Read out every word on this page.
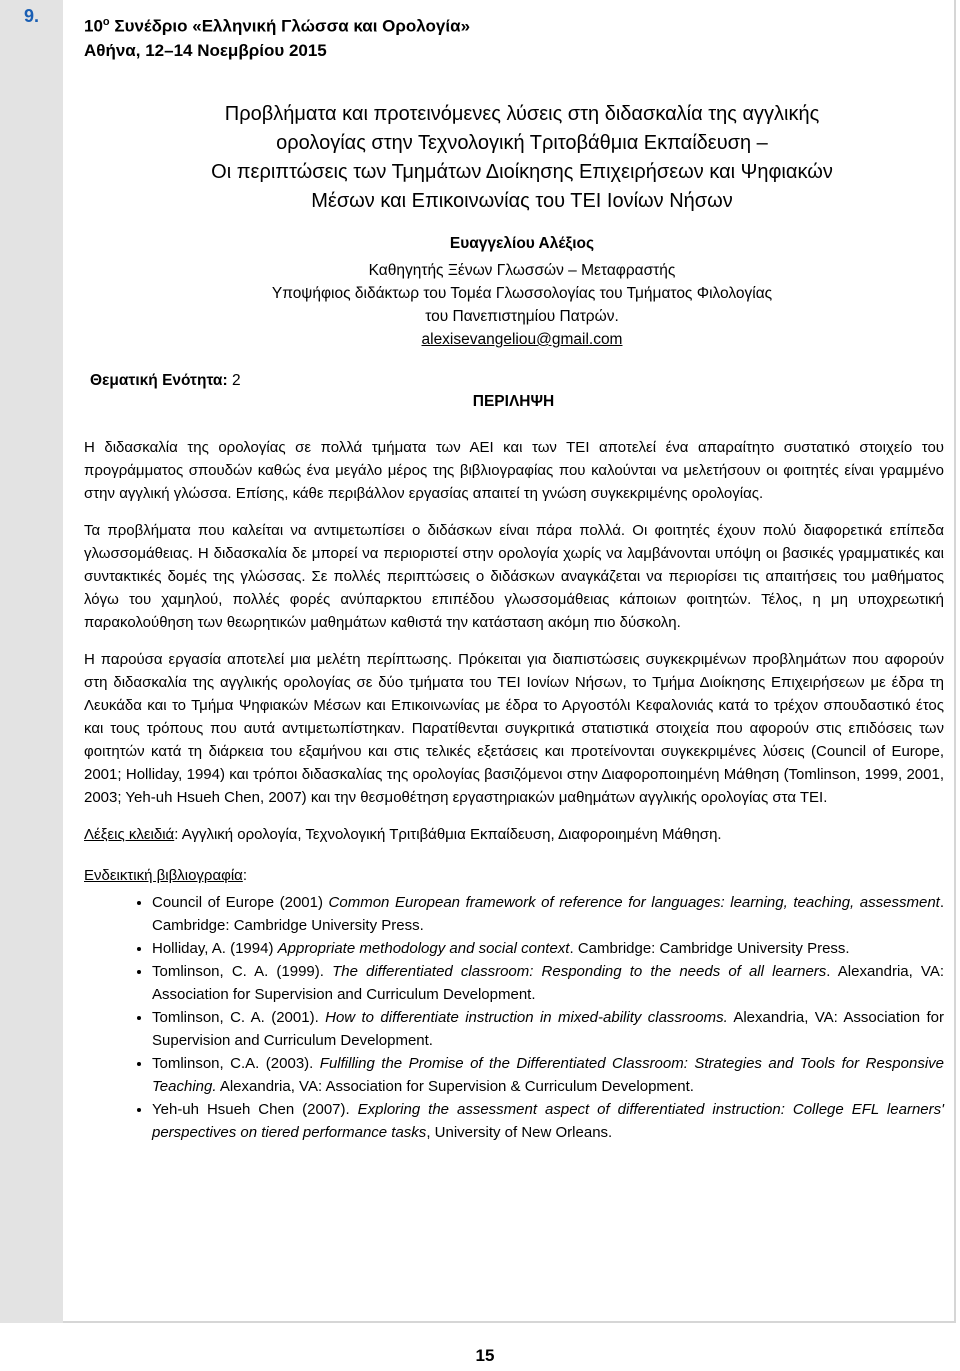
9.
$10^o$ Συνέδριο «Ελληνική Γλώσσα και Ορολογία»
Αθήνα, 12–14 Νοεμβρίου 2015
Προβλήματα και προτεινόμενες λύσεις στη διδασκαλία της αγγλικής
ορολογίας στην Τεχνολογική Τριτοβάθμια Εκπαίδευση –
Οι περιπτώσεις των Τμημάτων Διοίκησης Επιχειρήσεων και Ψηφιακών
Μέσων και Επικοινωνίας του ΤΕΙ Ιονίων Νήσων
Ευαγγελίου Αλέξιος
Καθηγητής Ξένων Γλωσσών – Μεταφραστής
Υποψήφιος διδάκτωρ του Τομέα Γλωσσολογίας του Τμήματος Φιλολογίας
του Πανεπιστημίου Πατρών.
alexisevangeliou@gmail.com
Θεματική Ενότητα: 2
ΠΕΡΙΛΗΨΗ

Η διδασκαλία της ορολογίας σε πολλά τμήματα των ΑΕΙ και των ΤΕΙ αποτελεί ένα απαραίτητο συστατικό στοιχείο του προγράμματος σπουδών καθώς ένα μεγάλο μέρος της βιβλιογραφίας που καλούνται να μελετήσουν οι φοιτητές είναι γραμμένο στην αγγλική γλώσσα. Επίσης, κάθε περιβάλλον εργασίας απαιτεί τη γνώση συγκεκριμένης ορολογίας.

Τα προβλήματα που καλείται να αντιμετωπίσει ο διδάσκων είναι πάρα πολλά. Οι φοιτητές έχουν πολύ διαφορετικά επίπεδα γλωσσομάθειας. Η διδασκαλία δε μπορεί να περιοριστεί στην ορολογία χωρίς να λαμβάνονται υπόψη οι βασικές γραμματικές και συντακτικές δομές της γλώσσας. Σε πολλές περιπτώσεις ο διδάσκων αναγκάζεται να περιορίσει τις απαιτήσεις του μαθήματος λόγω του χαμηλού, πολλές φορές ανύπαρκτου επιπέδου γλωσσομάθειας κάποιων φοιτητών. Τέλος, η μη υποχρεωτική παρακολούθηση των θεωρητικών μαθημάτων καθιστά την κατάσταση ακόμη πιο δύσκολη.

Η παρούσα εργασία αποτελεί μια μελέτη περίπτωσης. Πρόκειται για διαπιστώσεις συγκεκριμένων προβλημάτων που αφορούν στη διδασκαλία της αγγλικής ορολογίας σε δύο τμήματα του ΤΕΙ Ιονίων Νήσων, το Τμήμα Διοίκησης Επιχειρήσεων με έδρα τη Λευκάδα και το Τμήμα Ψηφιακών Μέσων και Επικοινωνίας με έδρα το Αργοστόλι Κεφαλονιάς κατά το τρέχον σπουδαστικό έτος και τους τρόπους που αυτά αντιμετωπίστηκαν. Παρατίθενται συγκριτικά στατιστικά στοιχεία που αφορούν στις επιδόσεις των φοιτητών κατά τη διάρκεια του εξαμήνου και στις τελικές εξετάσεις και προτείνονται συγκεκριμένες λύσεις (Council of Europe, 2001; Holliday, 1994) και τρόποι διδασκαλίας της ορολογίας βασιζόμενοι στην Διαφοροποιημένη Μάθηση (Tomlinson, 1999, 2001, 2003; Yeh-uh Hsueh Chen, 2007) και την θεσμοθέτηση εργαστηριακών μαθημάτων αγγλικής ορολογίας στα ΤΕΙ.

Λέξεις κλειδιά: Αγγλική ορολογία, Τεχνολογική Τριτιβάθμια Εκπαίδευση, Διαφοροιημένη Μάθηση.

Ενδεικτική βιβλιογραφία:
• Council of Europe (2001) Common European framework of reference for languages: learning, teaching, assessment. Cambridge: Cambridge University Press.
• Holliday, A. (1994) Appropriate methodology and social context. Cambridge: Cambridge University Press.
• Tomlinson, C. A. (1999). The differentiated classroom: Responding to the needs of all learners. Alexandria, VA: Association for Supervision and Curriculum Development.
• Tomlinson, C. A. (2001). How to differentiate instruction in mixed-ability classrooms. Alexandria, VA: Association for Supervision and Curriculum Development.
• Tomlinson, C.A. (2003). Fulfilling the Promise of the Differentiated Classroom: Strategies and Tools for Responsive Teaching. Alexandria, VA: Association for Supervision & Curriculum Development.
• Yeh-uh Hsueh Chen (2007). Exploring the assessment aspect of differentiated instruction: College EFL learners' perspectives on tiered performance tasks, University of New Orleans.
15
